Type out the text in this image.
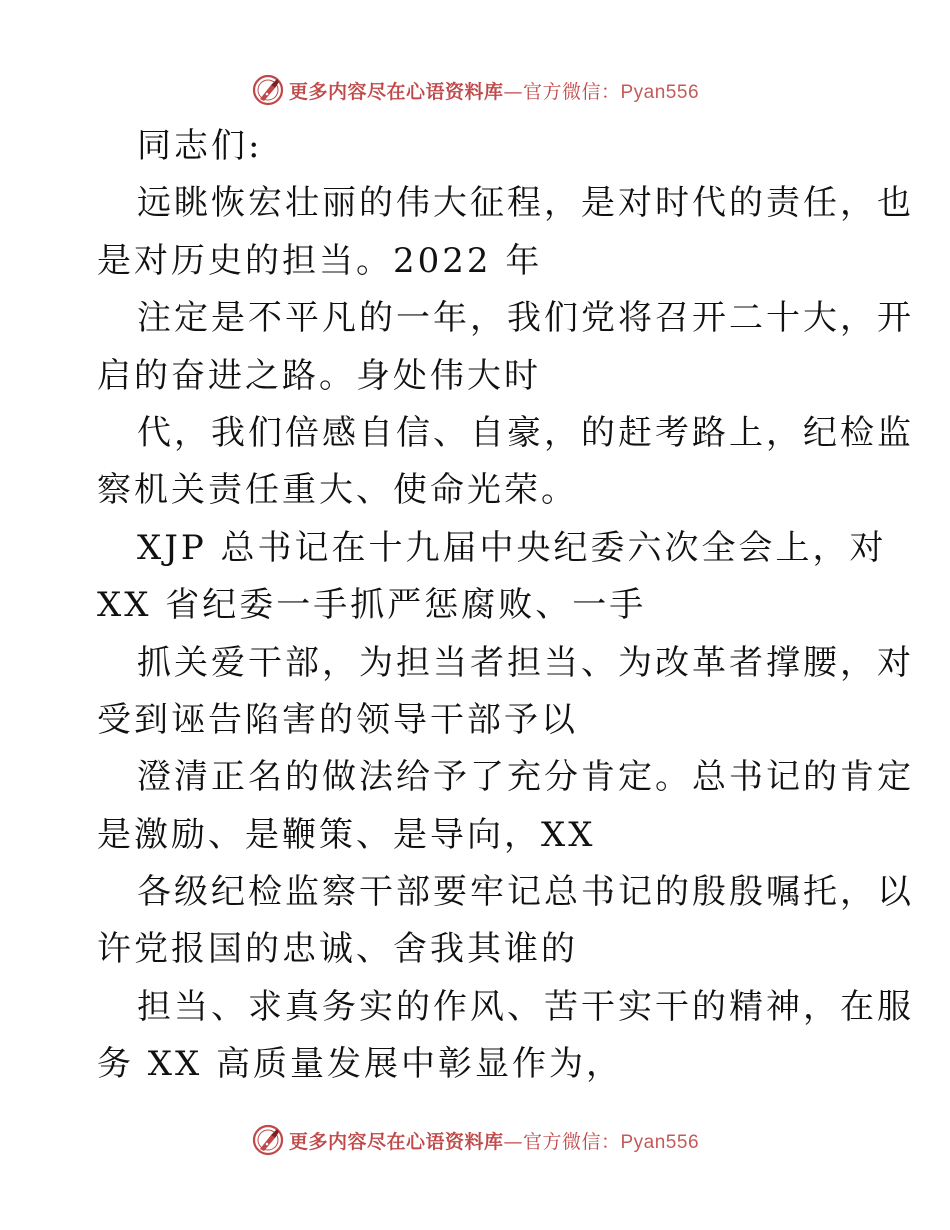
更多内容尽在心语资料库—官方微信：Pyan556
同志们:
远眺恢宏壮丽的伟大征程，是对时代的责任，也
是对历史的担当。2022 年
注定是不平凡的一年，我们党将召开二十大，开
启的奋进之路。身处伟大时
代，我们倍感自信、自豪，的赶考路上，纪检监
察机关责任重大、使命光荣。
XJP 总书记在十九届中央纪委六次全会上，对
XX 省纪委一手抓严惩腐败、一手
抓关爱干部，为担当者担当、为改革者撑腰，对
受到诬告陷害的领导干部予以
澄清正名的做法给予了充分肯定。总书记的肯定
是激励、是鞭策、是导向，XX
各级纪检监察干部要牢记总书记的殷殷嘱托，以
许党报国的忠诚、舍我其谁的
担当、求真务实的作风、苦干实干的精神，在服
务 XX 高质量发展中彰显作为，
更多内容尽在心语资料库—官方微信：Pyan556
